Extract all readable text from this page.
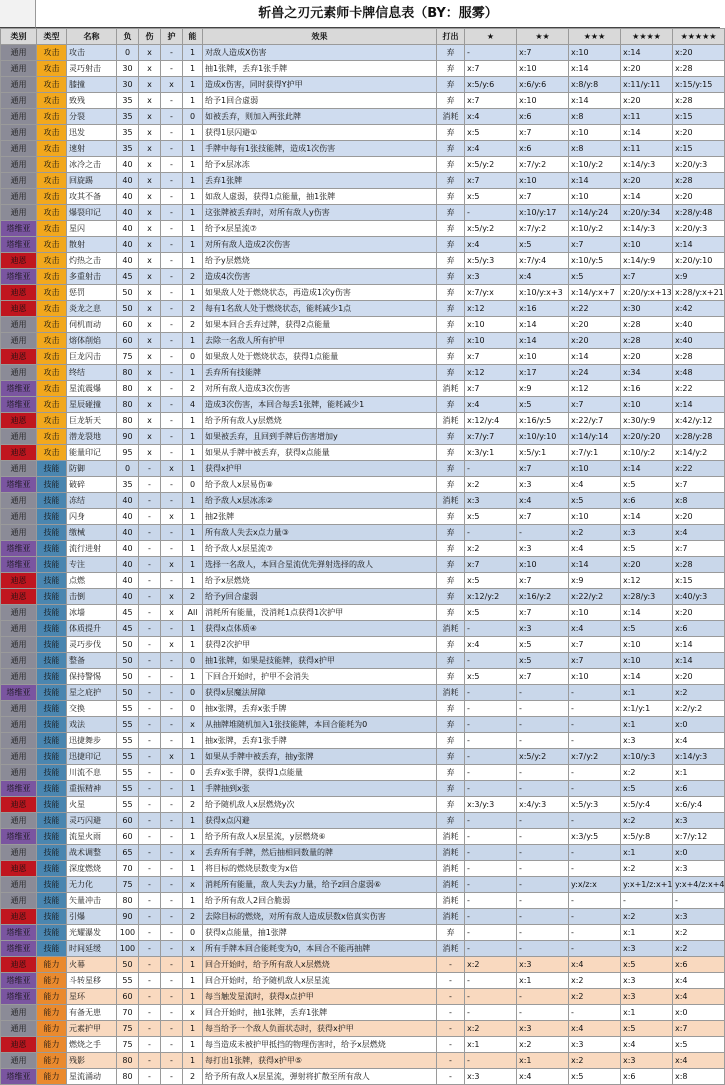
斩兽之刃元素师卡牌信息表（BY：服雾）
类别	类型	名称	负	伤	护	能	效果	打出	★	★★	★★★	★★★★	★★★★★
通用	攻击	攻击	0	x	-	1	对敌人造成X伤害	弃	-	x:7	x:10	x:14	x:20
通用	攻击	灵巧射击	30	x	-	1	抽1张牌，丢弃1张手牌	弃	x:7	x:10	x:14	x:20	x:28
通用	攻击	膝撞	30	x	x	1	造成x伤害，同时获得Y护甲	弃	x:5/y:6	x:6/y:6	x:8/y:8	x:11/y:11	x:15/y:15
通用	攻击	致残	35	x	-	1	给予1回合虚弱	弃	x:7	x:10	x:14	x:20	x:28
通用	攻击	分裂	35	x	-	0	如被丢弃，则加入两张此牌	消耗	x:4	x:6	x:8	x:11	x:15
通用	攻击	迅发	35	x	-	1	获得1层闪避①	弃	x:5	x:7	x:10	x:14	x:20
通用	攻击	速射	35	x	-	1	手牌中每有1张技能牌，造成1次伤害	弃	x:4	x:6	x:8	x:11	x:15
通用	攻击	冰冷之击	40	x	-	1	给予x层冰冻	弃	x:5/y:2	x:7/y:2	x:10/y:2	x:14/y:3	x:20/y:3
通用	攻击	回旋踢	40	x	-	1	丢弃1张牌	弃	x:7	x:10	x:14	x:20	x:28
通用	攻击	攻其不备	40	x	-	1	如敌人虚弱，获得1点能量，抽1张牌	弃	x:5	x:7	x:10	x:14	x:20
通用	攻击	爆裂印记	40	x	-	1	这张牌被丢弃时，对所有敌人y伤害	弃	-	x:10/y:17	x:14/y:24	x:20/y:34	x:28/y:48
塔维亚	攻击	星闪	40	x	-	1	给予x层星流⑦	弃	x:5/y:2	x:7/y:2	x:10/y:2	x:14/y:3	x:20/y:3
塔维亚	攻击	散射	40	x	-	1	对所有敌人造成2次伤害	弃	x:4	x:5	x:7	x:10	x:14
迪恩	攻击	灼热之击	40	x	-	1	给予y层燃烧	弃	x:5/y:3	x:7/y:4	x:10/y:5	x:14/y:9	x:20/y:10
塔维亚	攻击	多重射击	45	x	-	2	造成4次伤害	弃	x:3	x:4	x:5	x:7	x:9
迪恩	攻击	惩罚	50	x	-	1	如果敌人处于燃烧状态，再造成1次y伤害	弃	x:7/y:x	x:10/y:x+3	x:14/y:x+7	x:20/y:x+13	x:28/y:x+21
迪恩	攻击	炎龙之息	50	x	-	2	每有1名敌人处于燃烧状态，能耗减少1点	弃	x:12	x:16	x:22	x:30	x:42
通用	攻击	伺机而动	60	x	-	2	如果本回合丢弃过牌，获得2点能量	弃	x:10	x:14	x:20	x:28	x:40
通用	攻击	熔体削焰	60	x	-	1	去除一名敌人所有护甲	弃	x:10	x:14	x:20	x:28	x:40
迪恩	攻击	巨龙闪击	75	x	-	0	如果敌人处于燃烧状态，获得1点能量	弃	x:7	x:10	x:14	x:20	x:28
通用	攻击	终结	80	x	-	1	丢弃所有技能牌	弃	x:12	x:17	x:24	x:34	x:48
塔维亚	攻击	星流震爆	80	x	-	2	对所有敌人造成3次伤害	消耗	x:7	x:9	x:12	x:16	x:22
塔维亚	攻击	星辰碰撞	80	x	-	4	造成3次伤害，本回合每丢1张牌，能耗减少1	弃	x:4	x:5	x:7	x:10	x:14
迪恩	攻击	巨龙斩天	80	x	-	1	给予所有敌人y层燃烧	消耗	x:12/y:4	x:16/y:5	x:22/y:7	x:30/y:9	x:42/y:12
通用	攻击	潜龙裂地	90	x	-	1	如果被丢弃，且回到手牌后伤害增加y	弃	x:7/y:7	x:10/y:10	x:14/y:14	x:20/y:20	x:28/y:28
迪恩	攻击	能量印记	95	x	-	1	如果从手牌中被丢弃，获得x点能量	弃	x:3/y:1	x:5/y:1	x:7/y:1	x:10/y:2	x:14/y:2
通用	技能	防御	0	-	x	1	获得x护甲	弃	-	x:7	x:10	x:14	x:22
塔维亚	技能	破碎	35	-	-	0	给予敌人x层易伤⑧	弃	x:2	x:3	x:4	x:5	x:7
通用	技能	冻结	40	-	-	1	给予敌人x层冰冻②	消耗	x:3	x:4	x:5	x:6	x:8
通用	技能	闪身	40	-	x	1	抽2张牌	弃	x:5	x:7	x:10	x:14	x:20
通用	技能	缴械	40	-	-	1	所有敌人失去x点力量③	弃	-	-	x:2	x:3	x:4
塔维亚	技能	流行进射	40	-	-	1	给予敌人x层星流⑦	弃	x:2	x:3	x:4	x:5	x:7
塔维亚	技能	专注	40	-	x	1	选择一名敌人，本回合星流优先弹射选择的敌人	弃	x:7	x:10	x:14	x:20	x:28
迪恩	技能	点燃	40	-	-	1	给予x层燃烧	弃	x:5	x:7	x:9	x:12	x:15
迪恩	技能	击倒	40	-	x	2	给予y回合虚弱	弃	x:12/y:2	x:16/y:2	x:22/y:2	x:28/y:3	x:40/y:3
通用	技能	冰墙	45	-	x	All	消耗所有能量，没消耗1点获得1次护甲	弃	x:5	x:7	x:10	x:14	x:20
通用	技能	体质提升	45	-	-	1	获得x点体质④	消耗	-	x:3	x:4	x:5	x:6
通用	技能	灵巧步伐	50	-	x	1	获得2次护甲	弃	x:4	x:5	x:7	x:10	x:14
通用	技能	整备	50	-	-	0	抽1张牌，如果是技能牌，获得x护甲	弃	-	x:5	x:7	x:10	x:14
通用	技能	保持警惕	50	-	-	1	下回合开始时，护甲不会消失	弃	x:5	x:7	x:10	x:14	x:20
塔维亚	技能	星之庇护	50	-	-	0	获得x层魔法屏障	消耗	-	-	-	x:1	x:2
通用	技能	交换	55	-	-	0	抽x张牌，丢弃x张手牌	弃	-	-	-	x:1/y:1	x:2/y:2
通用	技能	戏法	55	-	-	x	从抽牌堆随机加入1张技能牌，本回合能耗为0	弃	-	-	-	x:1	x:0
通用	技能	迅捷舞步	55	-	-	1	抽x张牌，丢弃1张手牌	弃	-	-	-	x:3	x:4
通用	技能	迅捷印记	55	-	x	1	如果从手牌中被丢弃，抽y张牌	弃	-	x:5/y:2	x:7/y:2	x:10/y:3	x:14/y:3
通用	技能	川流不息	55	-	-	0	丢弃x张手牌，获得1点能量	弃	-	-	-	x:2	x:1
塔维亚	技能	重振精神	55	-	-	1	手牌抽到x张	弃	-	-	-	x:5	x:6
迪恩	技能	火星	55	-	-	2	给予随机敌人x层燃烧y次	弃	x:3/y:3	x:4/y:3	x:5/y:3	x:5/y:4	x:6/y:4
通用	技能	灵巧闪避	60	-	-	1	获得x点闪避	弃	-	-	-	x:2	x:3
塔维亚	技能	流星火雨	60	-	-	1	给予所有敌人x层星流，y层燃烧⑥	消耗	-	-	x:3/y:5	x:5/y:8	x:7/y:12
通用	技能	战术调整	65	-	-	x	丢弃所有手牌，然后抽相同数量的牌	消耗	-	-	-	x:1	x:0
迪恩	技能	深度燃烧	70	-	-	1	将目标的燃烧层数变为x倍	消耗	-	-	-	x:2	x:3
通用	技能	无力化	75	-	-	x	消耗所有能量，敌人失去y力量，给予z回合虚弱⑥	消耗	-	-	y:x/z:x	y:x+1/z:x+1	y:x+4/z:x+4
通用	技能	矢量冲击	80	-	-	1	给予所有敌人2回合脆弱	消耗	-	-	-	-	-
迪恩	技能	引爆	90	-	-	2	去除目标的燃烧，对所有敌人造成层数x倍真实伤害	消耗	-	-	-	x:2	x:3
塔维亚	技能	光耀瀑发	100	-	-	0	获得x点能量，抽1张牌	弃	-	-	-	x:1	x:2
塔维亚	技能	时间延缓	100	-	-	x	所有手牌本回合能耗变为0，本回合不能再抽牌	消耗	-	-	-	x:3	x:2
迪恩	能力	火幕	50	-	-	1	回合开始时，给予所有敌人x层燃烧	-	x:2	x:3	x:4	x:5	x:6
塔维亚	能力	斗转星移	55	-	-	1	回合开始时，给予随机敌人x层星流	-	-	x:1	x:2	x:3	x:4
塔维亚	能力	星环	60	-	-	1	每当触发星流时，获得x点护甲	-	-	-	x:2	x:3	x:4
通用	能力	有备无患	70	-	-	x	回合开始时，抽1张牌，丢弃1张牌	-	-	-	-	x:1	x:0
通用	能力	元素护甲	75	-	-	1	每当给予一个敌人负面状态时，获得x护甲	-	x:2	x:3	x:4	x:5	x:7
迪恩	能力	燃烧之手	75	-	-	1	每当造成未被护甲抵挡的物理伤害时，给予x层燃烧	-	x:1	x:2	x:3	x:4	x:5
通用	能力	残影	80	-	-	1	每打出1张牌，获得x护甲⑤	-	-	x:1	x:2	x:3	x:4
塔维亚	能力	星流涌动	80	-	-	2	给予所有敌人x层星流，弹射将扩散至所有敌人	-	x:3	x:4	x:5	x:6	x:8
